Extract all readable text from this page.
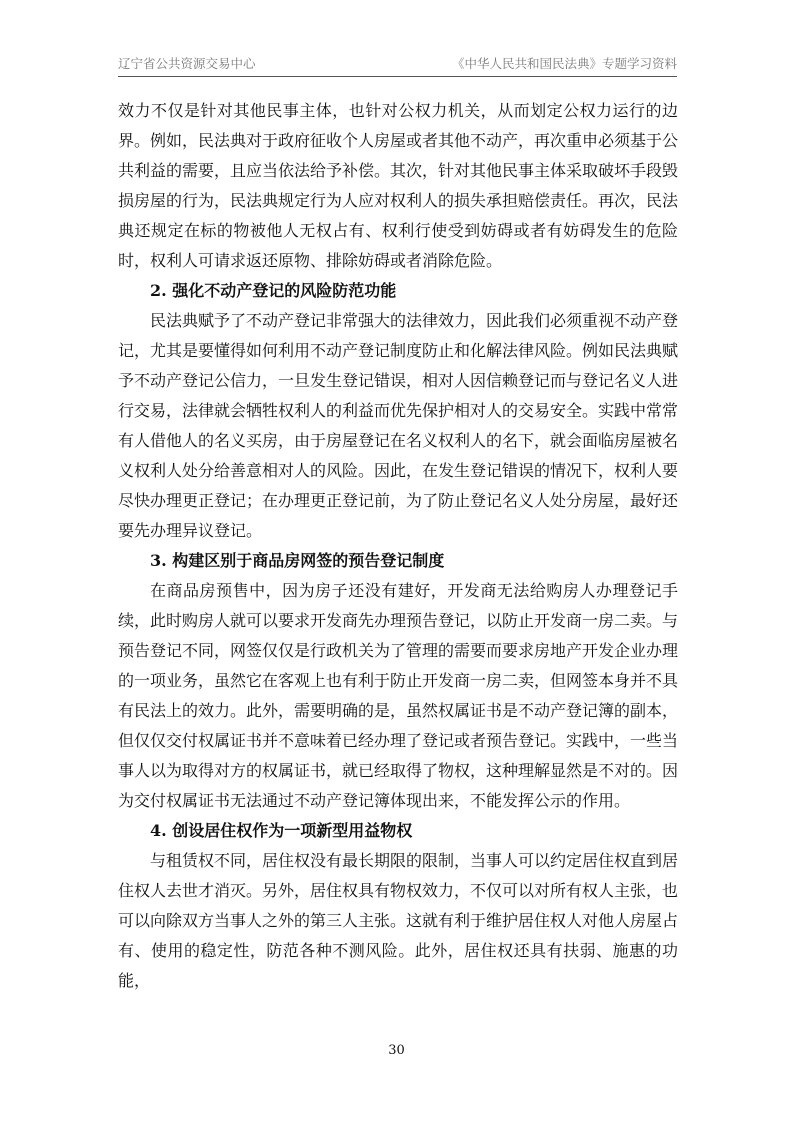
辽宁省公共资源交易中心	《中华人民共和国民法典》专题学习资料

效力不仅是针对其他民事主体，也针对公权力机关，从而划定公权力运行的边界。例如，民法典对于政府征收个人房屋或者其他不动产，再次重申必须基于公共利益的需要，且应当依法给予补偿。其次，针对其他民事主体采取破坏手段毁损房屋的行为，民法典规定行为人应对权利人的损失承担赔偿责任。再次，民法典还规定在标的物被他人无权占有、权利行使受到妨碍或者有妨碍发生的危险时，权利人可请求返还原物、排除妨碍或者消除危险。

2. 强化不动产登记的风险防范功能

民法典赋予了不动产登记非常强大的法律效力，因此我们必须重视不动产登记，尤其是要懂得如何利用不动产登记制度防止和化解法律风险。例如民法典赋予不动产登记公信力，一旦发生登记错误，相对人因信赖登记而与登记名义人进行交易，法律就会牺牲权利人的利益而优先保护相对人的交易安全。实践中常常有人借他人的名义买房，由于房屋登记在名义权利人的名下，就会面临房屋被名义权利人处分给善意相对人的风险。因此，在发生登记错误的情况下，权利人要尽快办理更正登记；在办理更正登记前，为了防止登记名义人处分房屋，最好还要先办理异议登记。

3. 构建区别于商品房网签的预告登记制度

在商品房预售中，因为房子还没有建好，开发商无法给购房人办理登记手续，此时购房人就可以要求开发商先办理预告登记，以防止开发商一房二卖。与预告登记不同，网签仅仅是行政机关为了管理的需要而要求房地产开发企业办理的一项业务，虽然它在客观上也有利于防止开发商一房二卖，但网签本身并不具有民法上的效力。此外，需要明确的是，虽然权属证书是不动产登记簿的副本，但仅仅交付权属证书并不意味着已经办理了登记或者预告登记。实践中，一些当事人以为取得对方的权属证书，就已经取得了物权，这种理解显然是不对的。因为交付权属证书无法通过不动产登记簿体现出来，不能发挥公示的作用。

4. 创设居住权作为一项新型用益物权

与租赁权不同，居住权没有最长期限的限制，当事人可以约定居住权直到居住权人去世才消灭。另外，居住权具有物权效力，不仅可以对所有权人主张，也可以向除双方当事人之外的第三人主张。这就有利于维护居住权人对他人房屋占有、使用的稳定性，防范各种不测风险。此外，居住权还具有扶弱、施惠的功能，

30
